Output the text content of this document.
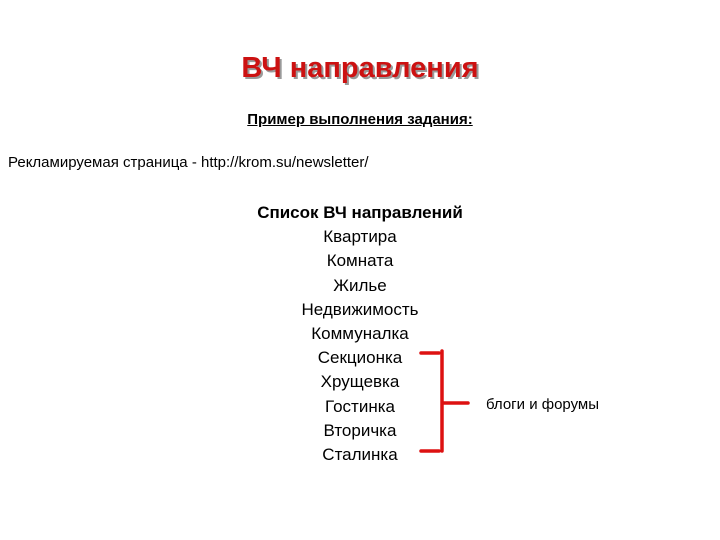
ВЧ направления
Пример выполнения задания:
Рекламируемая страница - http://krom.su/newsletter/
Список ВЧ направлений
Квартира
Комната
Жилье
Недвижимость
Коммуналка
Секционка
Хрущевка
Гостинка
Вторичка
Сталинка
блоги и форумы
